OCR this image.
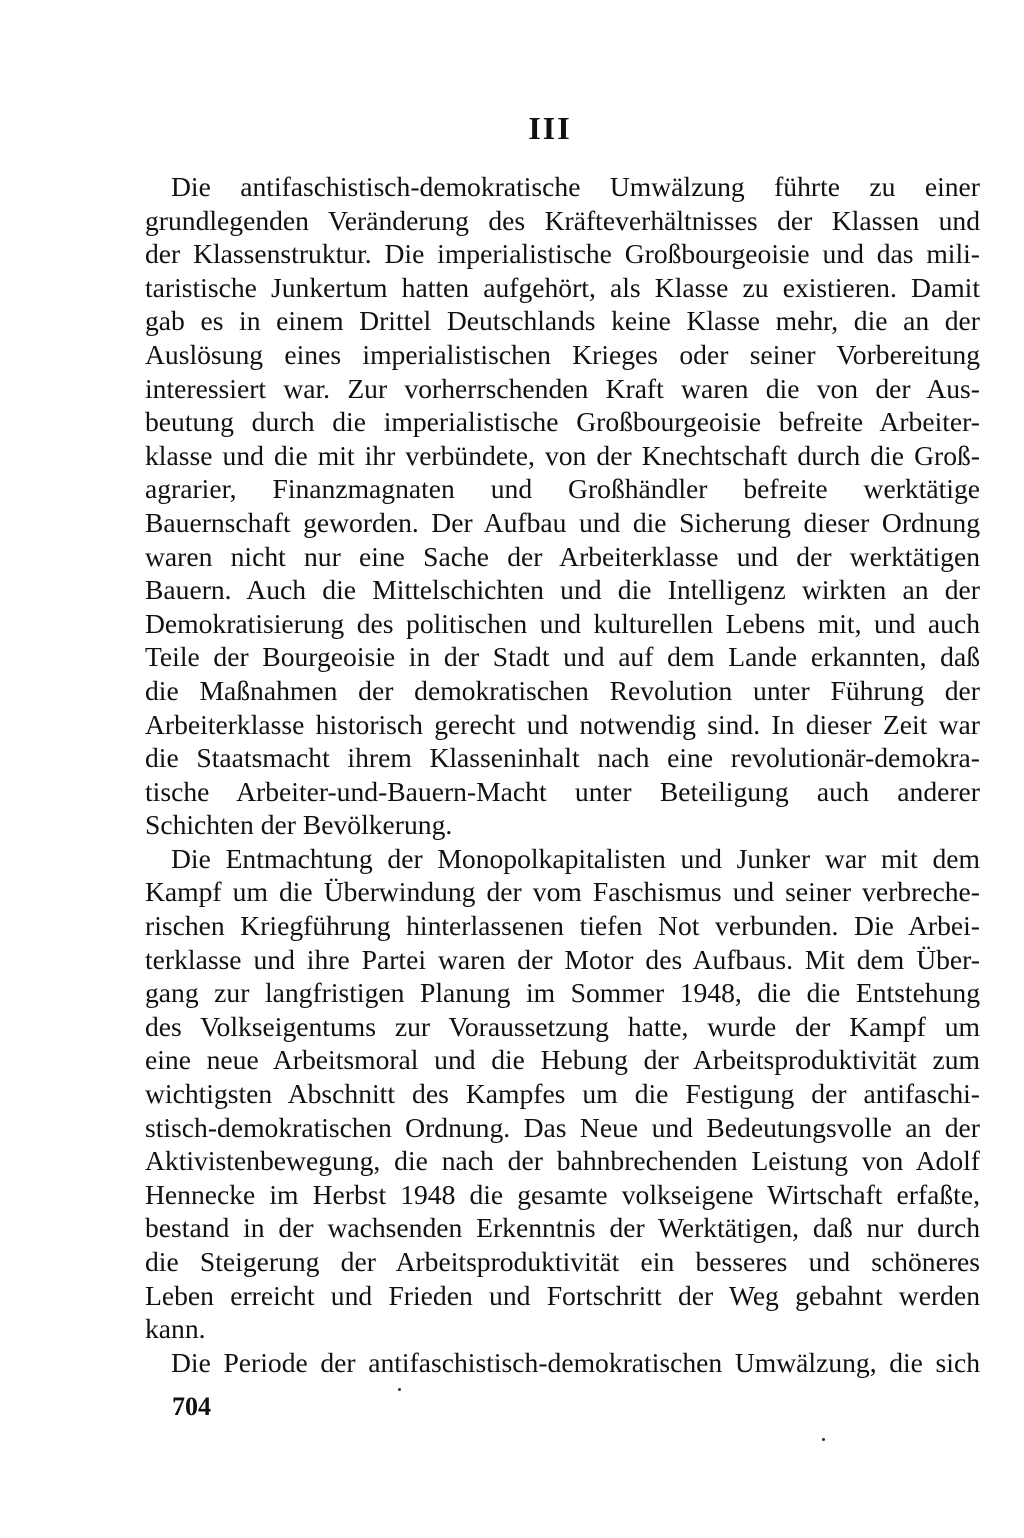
III
Die antifaschistisch-demokratische Umwälzung führte zu einer
grundlegenden Veränderung des Kräfteverhältnisses der Klassen und
der Klassenstruktur. Die imperialistische Großbourgeoisie und das mili-
taristische Junkertum hatten aufgehört, als Klasse zu existieren. Damit
gab es in einem Drittel Deutschlands keine Klasse mehr, die an der
Auslösung eines imperialistischen Krieges oder seiner Vorbereitung
interessiert war. Zur vorherrschenden Kraft waren die von der Aus-
beutung durch die imperialistische Großbourgeoisie befreite Arbeiter-
klasse und die mit ihr verbündete, von der Knechtschaft durch die Groß-
agrarier, Finanzmagnaten und Großhändler befreite werktätige
Bauernschaft geworden. Der Aufbau und die Sicherung dieser Ordnung
waren nicht nur eine Sache der Arbeiterklasse und der werktätigen
Bauern. Auch die Mittelschichten und die Intelligenz wirkten an der
Demokratisierung des politischen und kulturellen Lebens mit, und auch
Teile der Bourgeoisie in der Stadt und auf dem Lande erkannten, daß
die Maßnahmen der demokratischen Revolution unter Führung der
Arbeiterklasse historisch gerecht und notwendig sind. In dieser Zeit war
die Staatsmacht ihrem Klasseninhalt nach eine revolutionär-demokra-
tische Arbeiter-und-Bauern-Macht unter Beteiligung auch anderer
Schichten der Bevölkerung.
Die Entmachtung der Monopolkapitalisten und Junker war mit dem
Kampf um die Überwindung der vom Faschismus und seiner verbreche-
rischen Kriegführung hinterlassenen tiefen Not verbunden. Die Arbei-
terklasse und ihre Partei waren der Motor des Aufbaus. Mit dem Über-
gang zur langfristigen Planung im Sommer 1948, die die Entstehung
des Volkseigentums zur Voraussetzung hatte, wurde der Kampf um
eine neue Arbeitsmoral und die Hebung der Arbeitsproduktivität zum
wichtigsten Abschnitt des Kampfes um die Festigung der antifaschi-
stisch-demokratischen Ordnung. Das Neue und Bedeutungsvolle an der
Aktivistenbewegung, die nach der bahnbrechenden Leistung von Adolf
Hennecke im Herbst 1948 die gesamte volkseigene Wirtschaft erfaßte,
bestand in der wachsenden Erkenntnis der Werktätigen, daß nur durch
die Steigerung der Arbeitsproduktivität ein besseres und schöneres
Leben erreicht und Frieden und Fortschritt der Weg gebahnt werden
kann.
Die Periode der antifaschistisch-demokratischen Umwälzung, die sich
704
